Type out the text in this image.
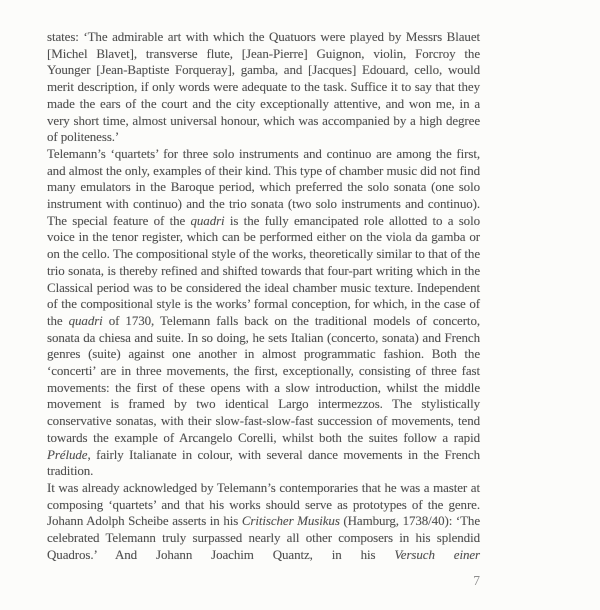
states: ‘The admirable art with which the Quatuors were played by Messrs Blauet [Michel Blavet], transverse flute, [Jean-Pierre] Guignon, violin, Forcroy the Younger [Jean-Baptiste Forqueray], gamba, and [Jacques] Edouard, cello, would merit description, if only words were adequate to the task. Suffice it to say that they made the ears of the court and the city exceptionally attentive, and won me, in a very short time, almost universal honour, which was accompanied by a high degree of politeness.’

Telemann’s ‘quartets’ for three solo instruments and continuo are among the first, and almost the only, examples of their kind. This type of chamber music did not find many emulators in the Baroque period, which preferred the solo sonata (one solo instrument with continuo) and the trio sonata (two solo instruments and continuo). The special feature of the quadri is the fully emancipated role allotted to a solo voice in the tenor register, which can be performed either on the viola da gamba or on the cello. The compositional style of the works, theoretically similar to that of the trio sonata, is thereby refined and shifted towards that four-part writing which in the Classical period was to be considered the ideal chamber music texture. Independent of the compositional style is the works’ formal conception, for which, in the case of the quadri of 1730, Telemann falls back on the traditional models of concerto, sonata da chiesa and suite. In so doing, he sets Italian (concerto, sonata) and French genres (suite) against one another in almost programmatic fashion. Both the ‘concerti’ are in three movements, the first, exceptionally, consisting of three fast movements: the first of these opens with a slow introduction, whilst the middle movement is framed by two identical Largo intermezzos. The stylistically conservative sonatas, with their slow-fast-slow-fast succession of movements, tend towards the example of Arcangelo Corelli, whilst both the suites follow a rapid Prélude, fairly Italianate in colour, with several dance movements in the French tradition.

It was already acknowledged by Telemann’s contemporaries that he was a master at composing ‘quartets’ and that his works should serve as prototypes of the genre. Johann Adolph Scheibe asserts in his Critischer Musikus (Hamburg, 1738/40): ‘The celebrated Telemann truly surpassed nearly all other composers in his splendid Quadros.’ And Johann Joachim Quantz, in his Versuch einer

7
